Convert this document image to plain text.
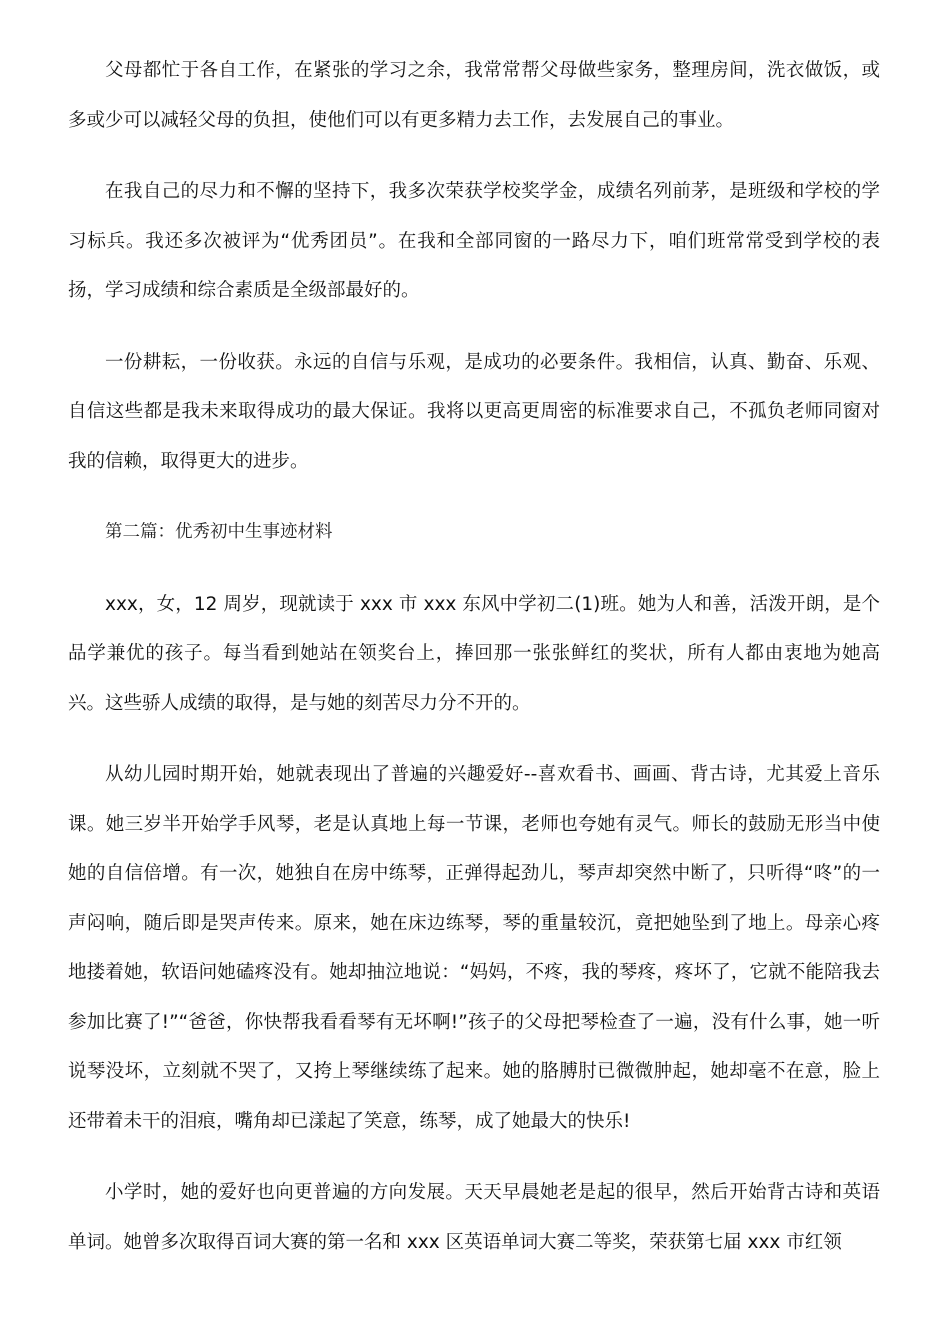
父母都忙于各自工作，在紧张的学习之余，我常常帮父母做些家务，整理房间，洗衣做饭，或多或少可以减轻父母的负担，使他们可以有更多精力去工作，去发展自己的事业。

在我自己的尽力和不懈的坚持下，我多次荣获学校奖学金，成绩名列前茅，是班级和学校的学习标兵。我还多次被评为“优秀团员”。在我和全部同窗的一路尽力下，咱们班常常受到学校的表扬，学习成绩和综合素质是全级部最好的。

一份耕耘，一份收获。永远的自信与乐观，是成功的必要条件。我相信，认真、勤奋、乐观、自信这些都是我未来取得成功的最大保证。我将以更高更周密的标准要求自己，不孤负老师同窗对我的信赖，取得更大的进步。

第二篇：优秀初中生事迹材料

xxx，女，12 周岁，现就读于 xxx 市 xxx 东风中学初二(1)班。她为人和善，活泼开朗，是个品学兼优的孩子。每当看到她站在领奖台上，捧回那一张张鲜红的奖状，所有人都由衷地为她高兴。这些骄人成绩的取得，是与她的刻苦尽力分不开的。

从幼儿园时期开始，她就表现出了普遍的兴趣爱好--喜欢看书、画画、背古诗，尤其爱上音乐课。她三岁半开始学手风琴，老是认真地上每一节课，老师也夸她有灵气。师长的鼓励无形当中使她的自信倍增。有一次，她独自在房中练琴，正弹得起劲儿，琴声却突然中断了，只听得“咚”的一声闷响，随后即是哭声传来。原来，她在床边练琴，琴的重量较沉，竟把她坠到了地上。母亲心疼地搂着她，软语问她磕疼没有。她却抽泣地说：“妈妈，不疼，我的琴疼，疼坏了，它就不能陪我去参加比赛了!”“爸爸，你快帮我看看琴有无坏啊!”孩子的父母把琴检查了一遍，没有什么事，她一听说琴没坏，立刻就不哭了，又挎上琴继续练了起来。她的胳膊肘已微微肿起，她却毫不在意，脸上还带着未干的泪痕，嘴角却已漾起了笑意，练琴，成了她最大的快乐!

小学时，她的爱好也向更普遍的方向发展。天天早晨她老是起的很早，然后开始背古诗和英语单词。她曾多次取得百词大赛的第一名和 xxx 区英语单词大赛二等奖，荣获第七届 xxx 市红领
